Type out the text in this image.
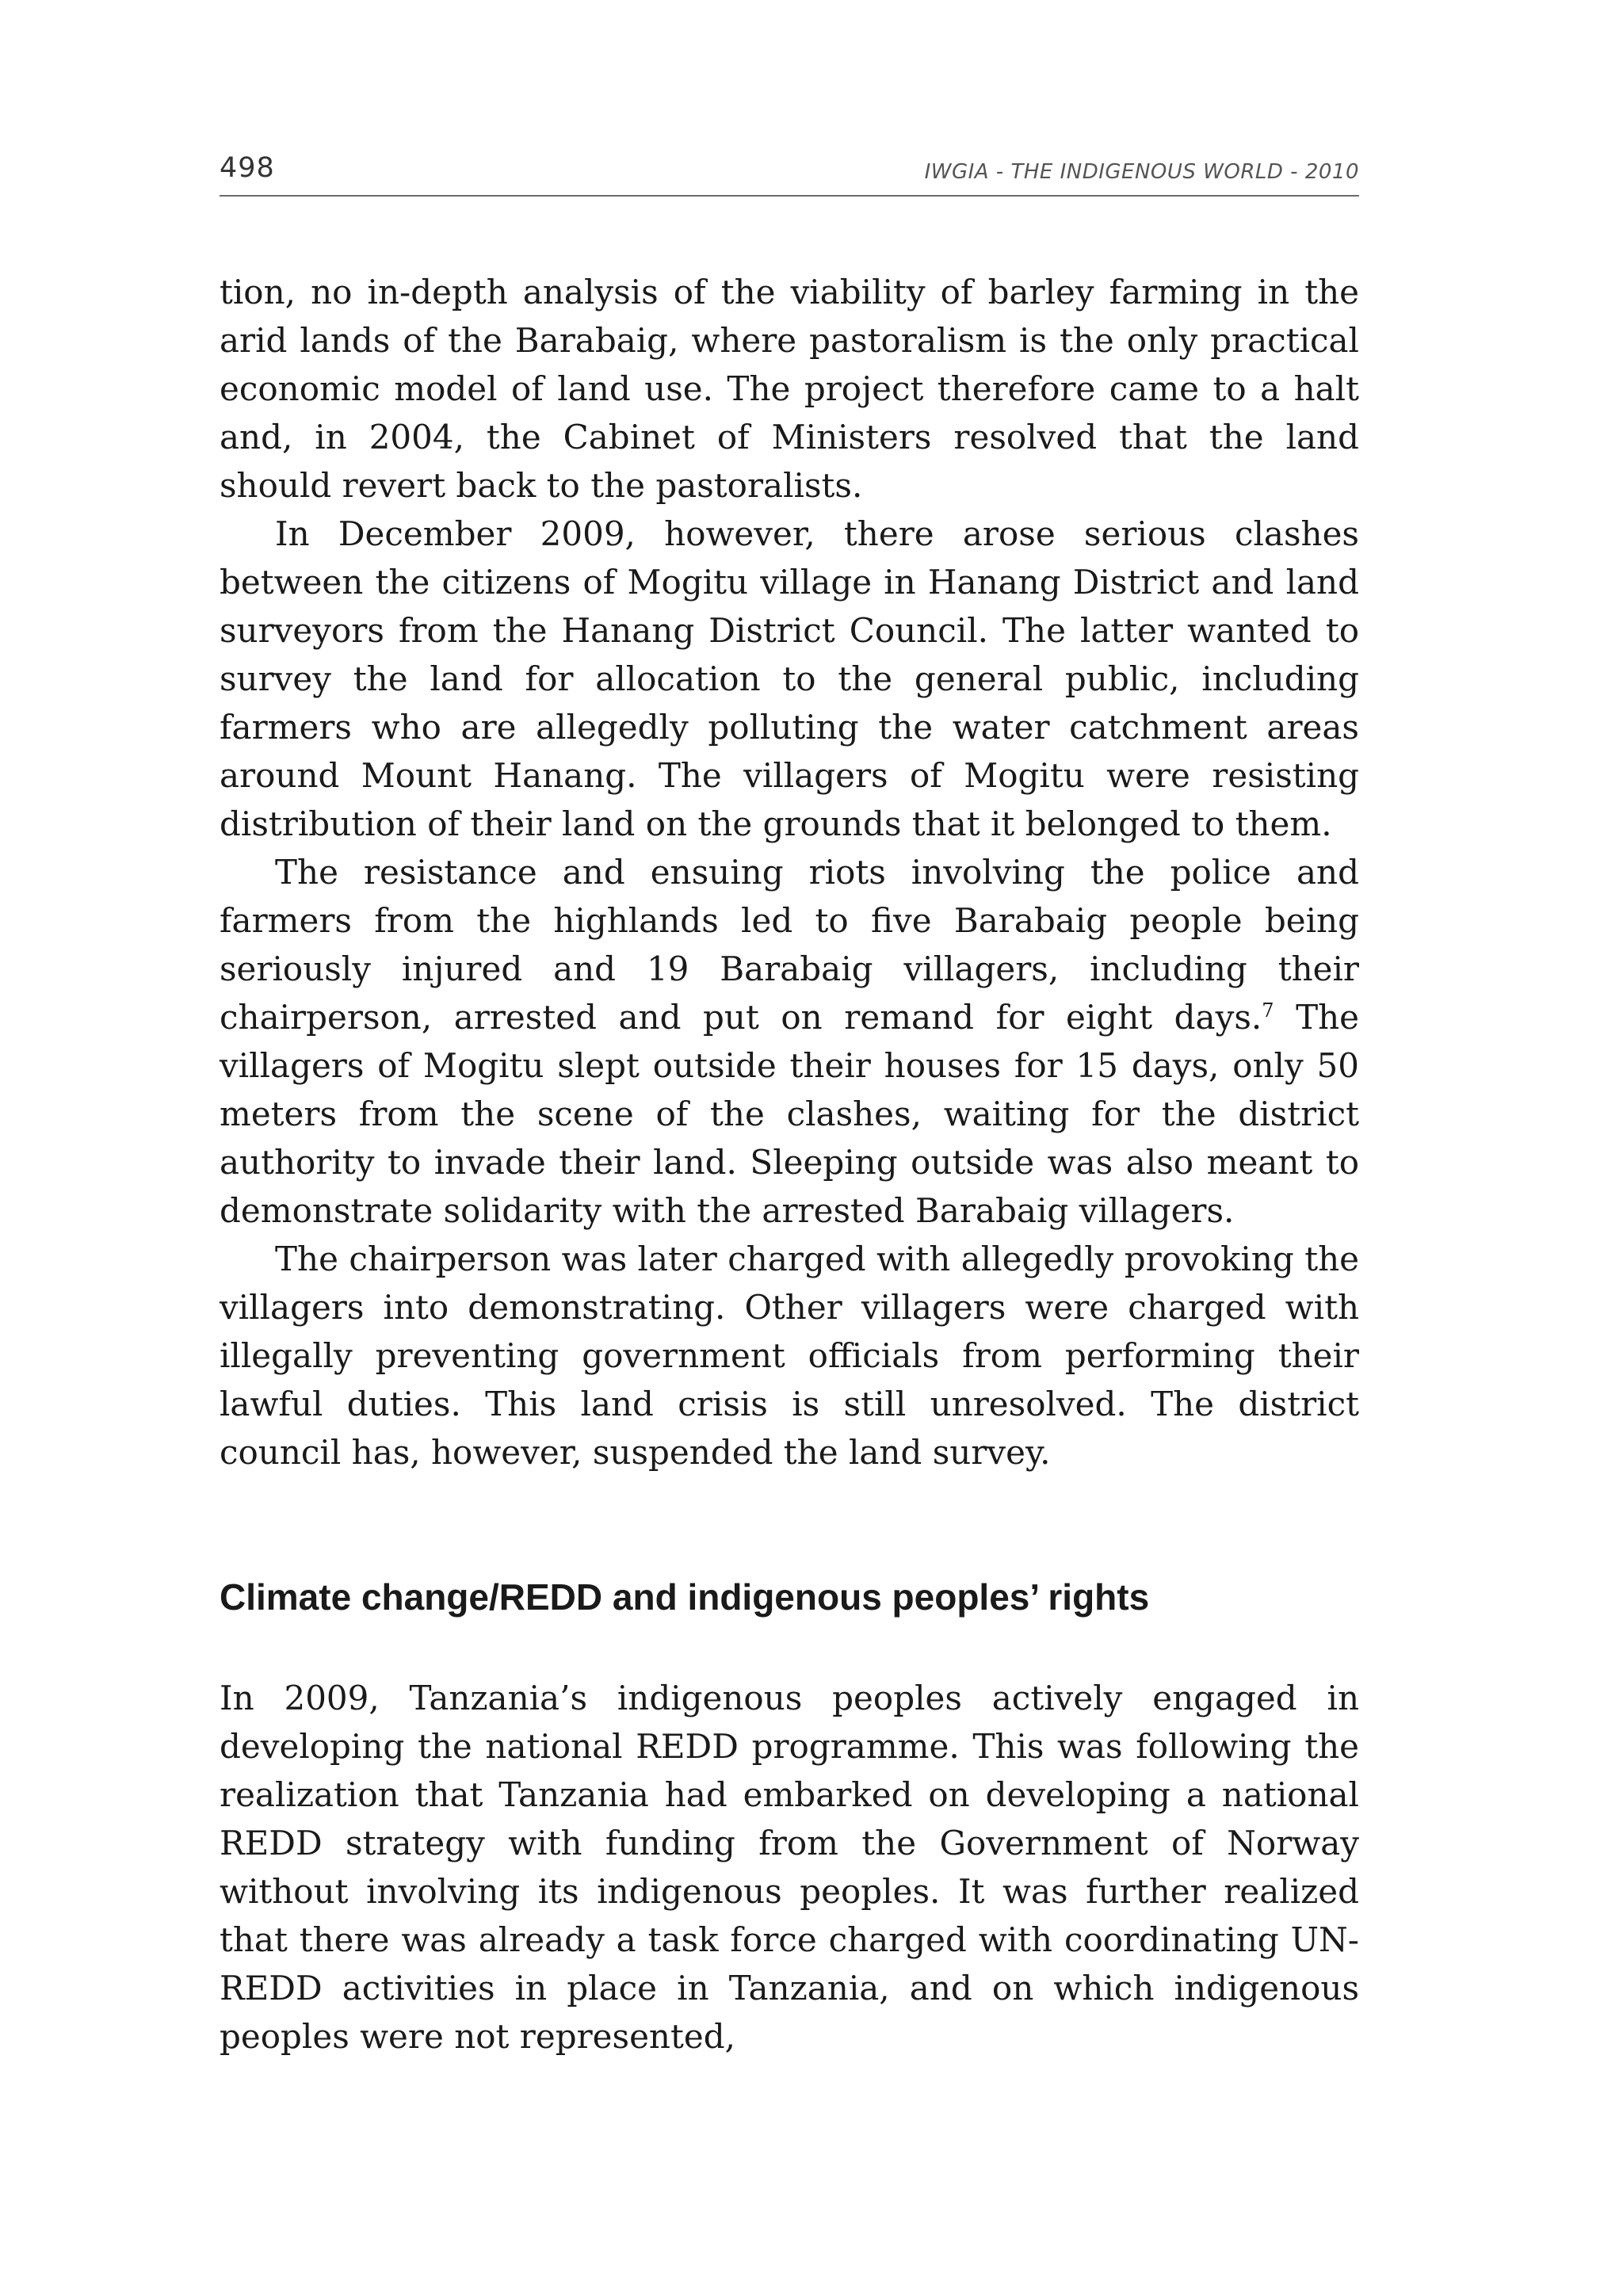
498	IWGIA - THE INDIGENOUS WORLD - 2010

tion, no in-depth analysis of the viability of barley farming in the arid lands of the Barabaig, where pastoralism is the only practical economic model of land use. The project therefore came to a halt and, in 2004, the Cabinet of Ministers resolved that the land should revert back to the pastoralists.

In December 2009, however, there arose serious clashes between the citizens of Mogitu village in Hanang District and land surveyors from the Hanang District Council. The latter wanted to survey the land for allocation to the general public, including farmers who are allegedly polluting the water catchment areas around Mount Hanang. The villagers of Mogitu were resisting distribution of their land on the grounds that it belonged to them.

The resistance and ensuing riots involving the police and farmers from the highlands led to five Barabaig people being seriously injured and 19 Barabaig villagers, including their chairperson, arrested and put on remand for eight days.$^7$ The villagers of Mogitu slept outside their houses for 15 days, only 50 meters from the scene of the clashes, waiting for the district authority to invade their land. Sleeping outside was also meant to demonstrate solidarity with the arrested Barabaig villagers.

The chairperson was later charged with allegedly provoking the villagers into demonstrating. Other villagers were charged with illegally preventing government officials from performing their lawful duties. This land crisis is still unresolved. The district council has, however, suspended the land survey.

Climate change/REDD and indigenous peoples’ rights

In 2009, Tanzania’s indigenous peoples actively engaged in developing the national REDD programme. This was following the realization that Tanzania had embarked on developing a national REDD strategy with funding from the Government of Norway without involving its indigenous peoples. It was further realized that there was already a task force charged with coordinating UN-REDD activities in place in Tanzania, and on which indigenous peoples were not represented,
